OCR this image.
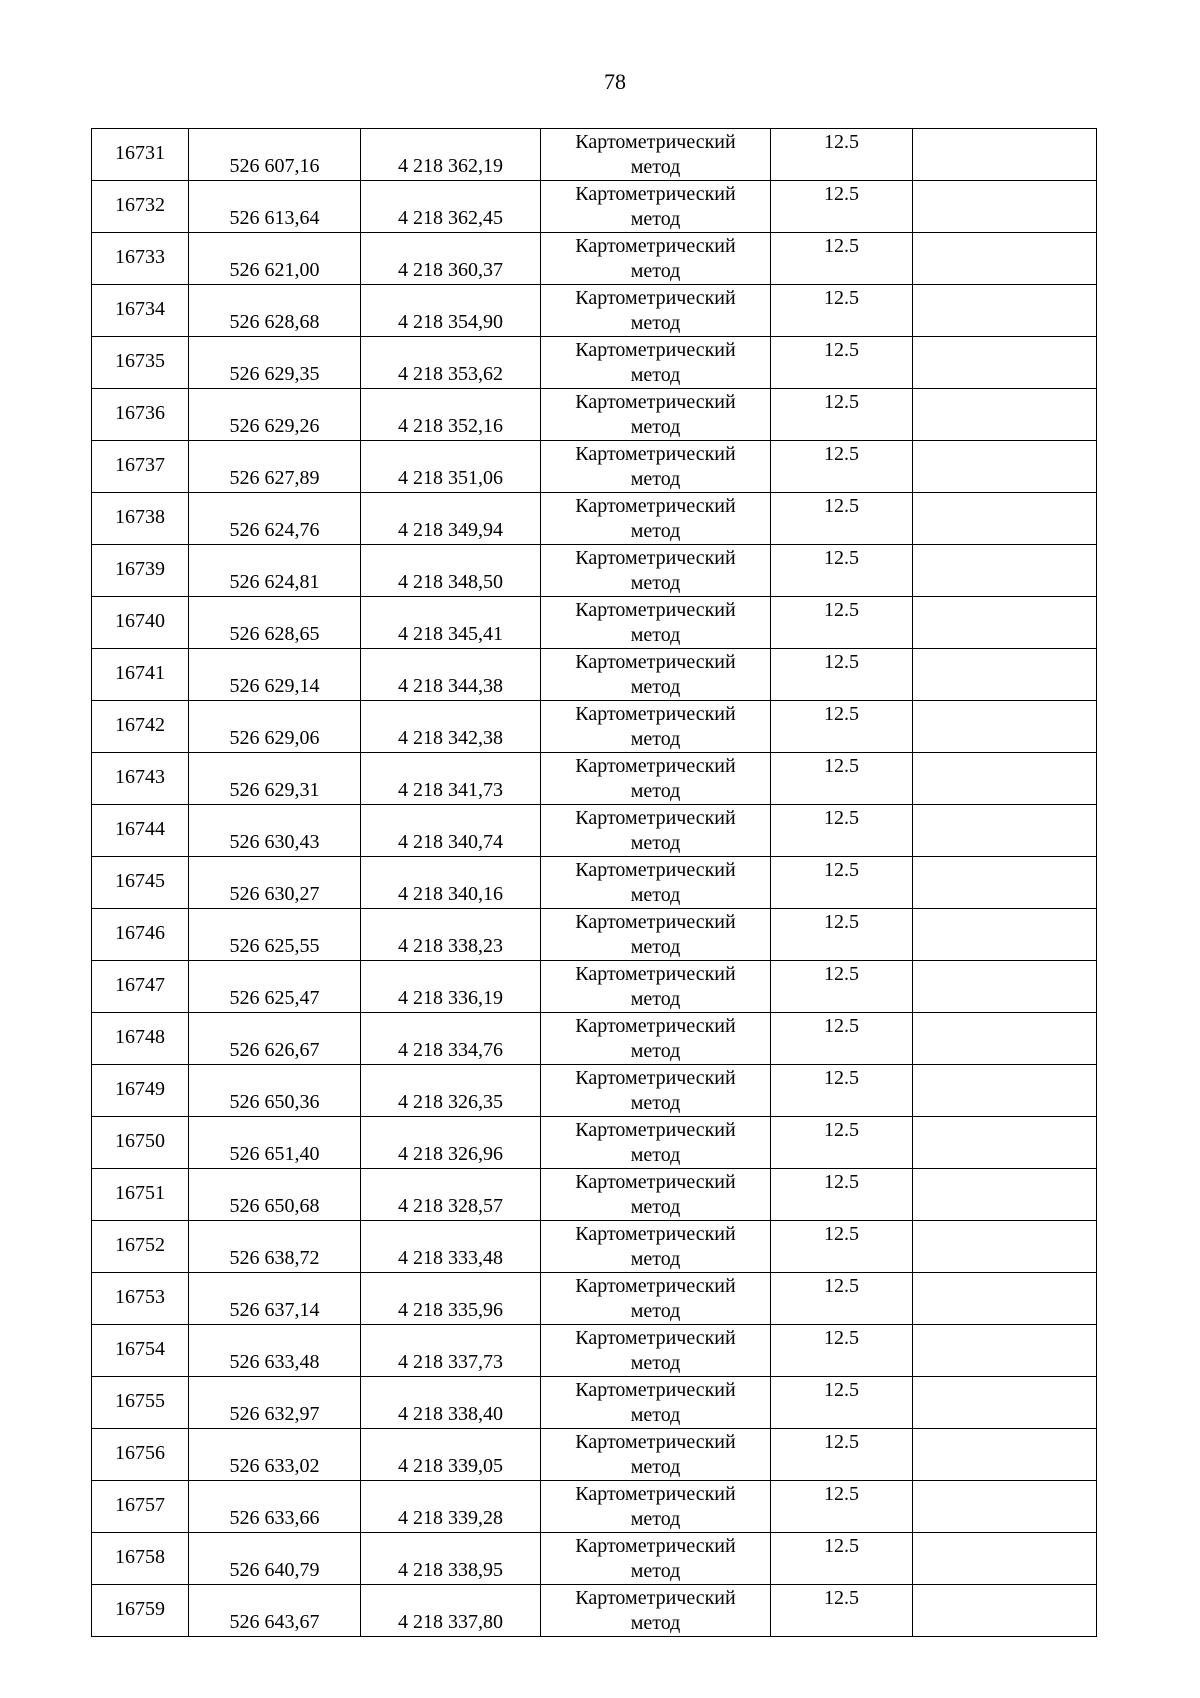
78
16731	526 607,16	4 218 362,19	Картометрический
метод	12.5	
16732	526 613,64	4 218 362,45	Картометрический
метод	12.5	
16733	526 621,00	4 218 360,37	Картометрический
метод	12.5	
16734	526 628,68	4 218 354,90	Картометрический
метод	12.5	
16735	526 629,35	4 218 353,62	Картометрический
метод	12.5	
16736	526 629,26	4 218 352,16	Картометрический
метод	12.5	
16737	526 627,89	4 218 351,06	Картометрический
метод	12.5	
16738	526 624,76	4 218 349,94	Картометрический
метод	12.5	
16739	526 624,81	4 218 348,50	Картометрический
метод	12.5	
16740	526 628,65	4 218 345,41	Картометрический
метод	12.5	
16741	526 629,14	4 218 344,38	Картометрический
метод	12.5	
16742	526 629,06	4 218 342,38	Картометрический
метод	12.5	
16743	526 629,31	4 218 341,73	Картометрический
метод	12.5	
16744	526 630,43	4 218 340,74	Картометрический
метод	12.5	
16745	526 630,27	4 218 340,16	Картометрический
метод	12.5	
16746	526 625,55	4 218 338,23	Картометрический
метод	12.5	
16747	526 625,47	4 218 336,19	Картометрический
метод	12.5	
16748	526 626,67	4 218 334,76	Картометрический
метод	12.5	
16749	526 650,36	4 218 326,35	Картометрический
метод	12.5	
16750	526 651,40	4 218 326,96	Картометрический
метод	12.5	
16751	526 650,68	4 218 328,57	Картометрический
метод	12.5	
16752	526 638,72	4 218 333,48	Картометрический
метод	12.5	
16753	526 637,14	4 218 335,96	Картометрический
метод	12.5	
16754	526 633,48	4 218 337,73	Картометрический
метод	12.5	
16755	526 632,97	4 218 338,40	Картометрический
метод	12.5	
16756	526 633,02	4 218 339,05	Картометрический
метод	12.5	
16757	526 633,66	4 218 339,28	Картометрический
метод	12.5	
16758	526 640,79	4 218 338,95	Картометрический
метод	12.5	
16759	526 643,67	4 218 337,80	Картометрический
метод	12.5	
